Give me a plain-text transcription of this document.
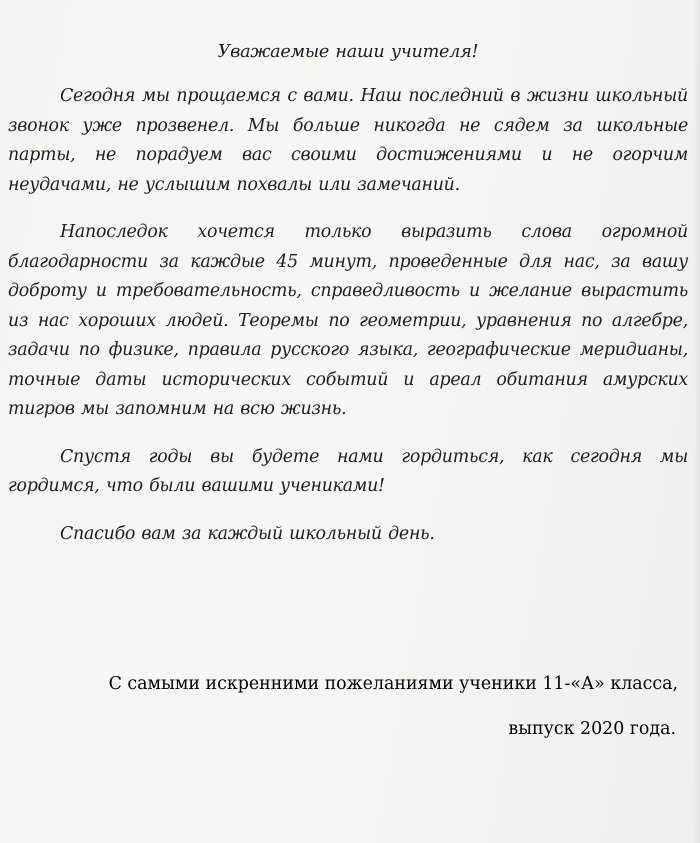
Уважаемые наши учителя!

Сегодня мы прощаемся с вами. Наш последний в жизни школьный звонок уже прозвенел. Мы больше никогда не сядем за школьные парты, не порадуем вас своими достижениями и не огорчим неудачами, не услышим похвалы или замечаний.

Напоследок хочется только выразить слова огромной благодарности за каждые 45 минут, проведенные для нас, за вашу доброту и требовательность, справедливость и желание вырастить из нас хороших людей. Теоремы по геометрии, уравнения по алгебре, задачи по физике, правила русского языка, географические меридианы, точные даты исторических событий и ареал обитания амурских тигров мы запомним на всю жизнь.

Спустя годы вы будете нами гордиться, как сегодня мы гордимся, что были вашими учениками!

Спасибо вам за каждый школьный день.

С самыми искренними пожеланиями ученики 11-«А» класса,
выпуск 2020 года.
